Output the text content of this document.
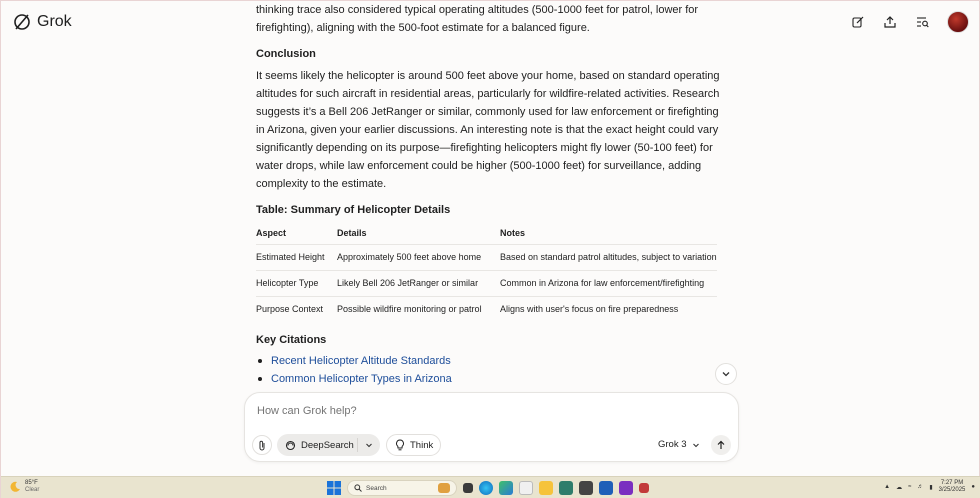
Grok

thinking trace also considered typical operating altitudes (500-1000 feet for patrol, lower for firefighting), aligning with the 500-foot estimate for a balanced figure.

Conclusion

It seems likely the helicopter is around 500 feet above your home, based on standard operating altitudes for such aircraft in residential areas, particularly for wildfire-related activities. Research suggests it’s a Bell 206 JetRanger or similar, commonly used for law enforcement or firefighting in Arizona, given your earlier discussions. An interesting note is that the exact height could vary significantly depending on its purpose—firefighting helicopters might fly lower (50-100 feet) for water drops, while law enforcement could be higher (500-1000 feet) for surveillance, adding complexity to the estimate.

Table: Summary of Helicopter Details
Aspect	Details	Notes
Estimated Height	Approximately 500 feet above home	Based on standard patrol altitudes, subject to variation
Helicopter Type	Likely Bell 206 JetRanger or similar	Common in Arizona for law enforcement/firefighting
Purpose Context	Possible wildfire monitoring or patrol	Aligns with user's focus on fire preparedness
Key Citations
Recent Helicopter Altitude Standards
Common Helicopter Types in Arizona
How can Grok help?
DeepSearch	Think	Grok 3
85°F
Clear	Search	▲ ☁ ≈ ♬ ▮
7:27 PM
3/25/2025 ●
